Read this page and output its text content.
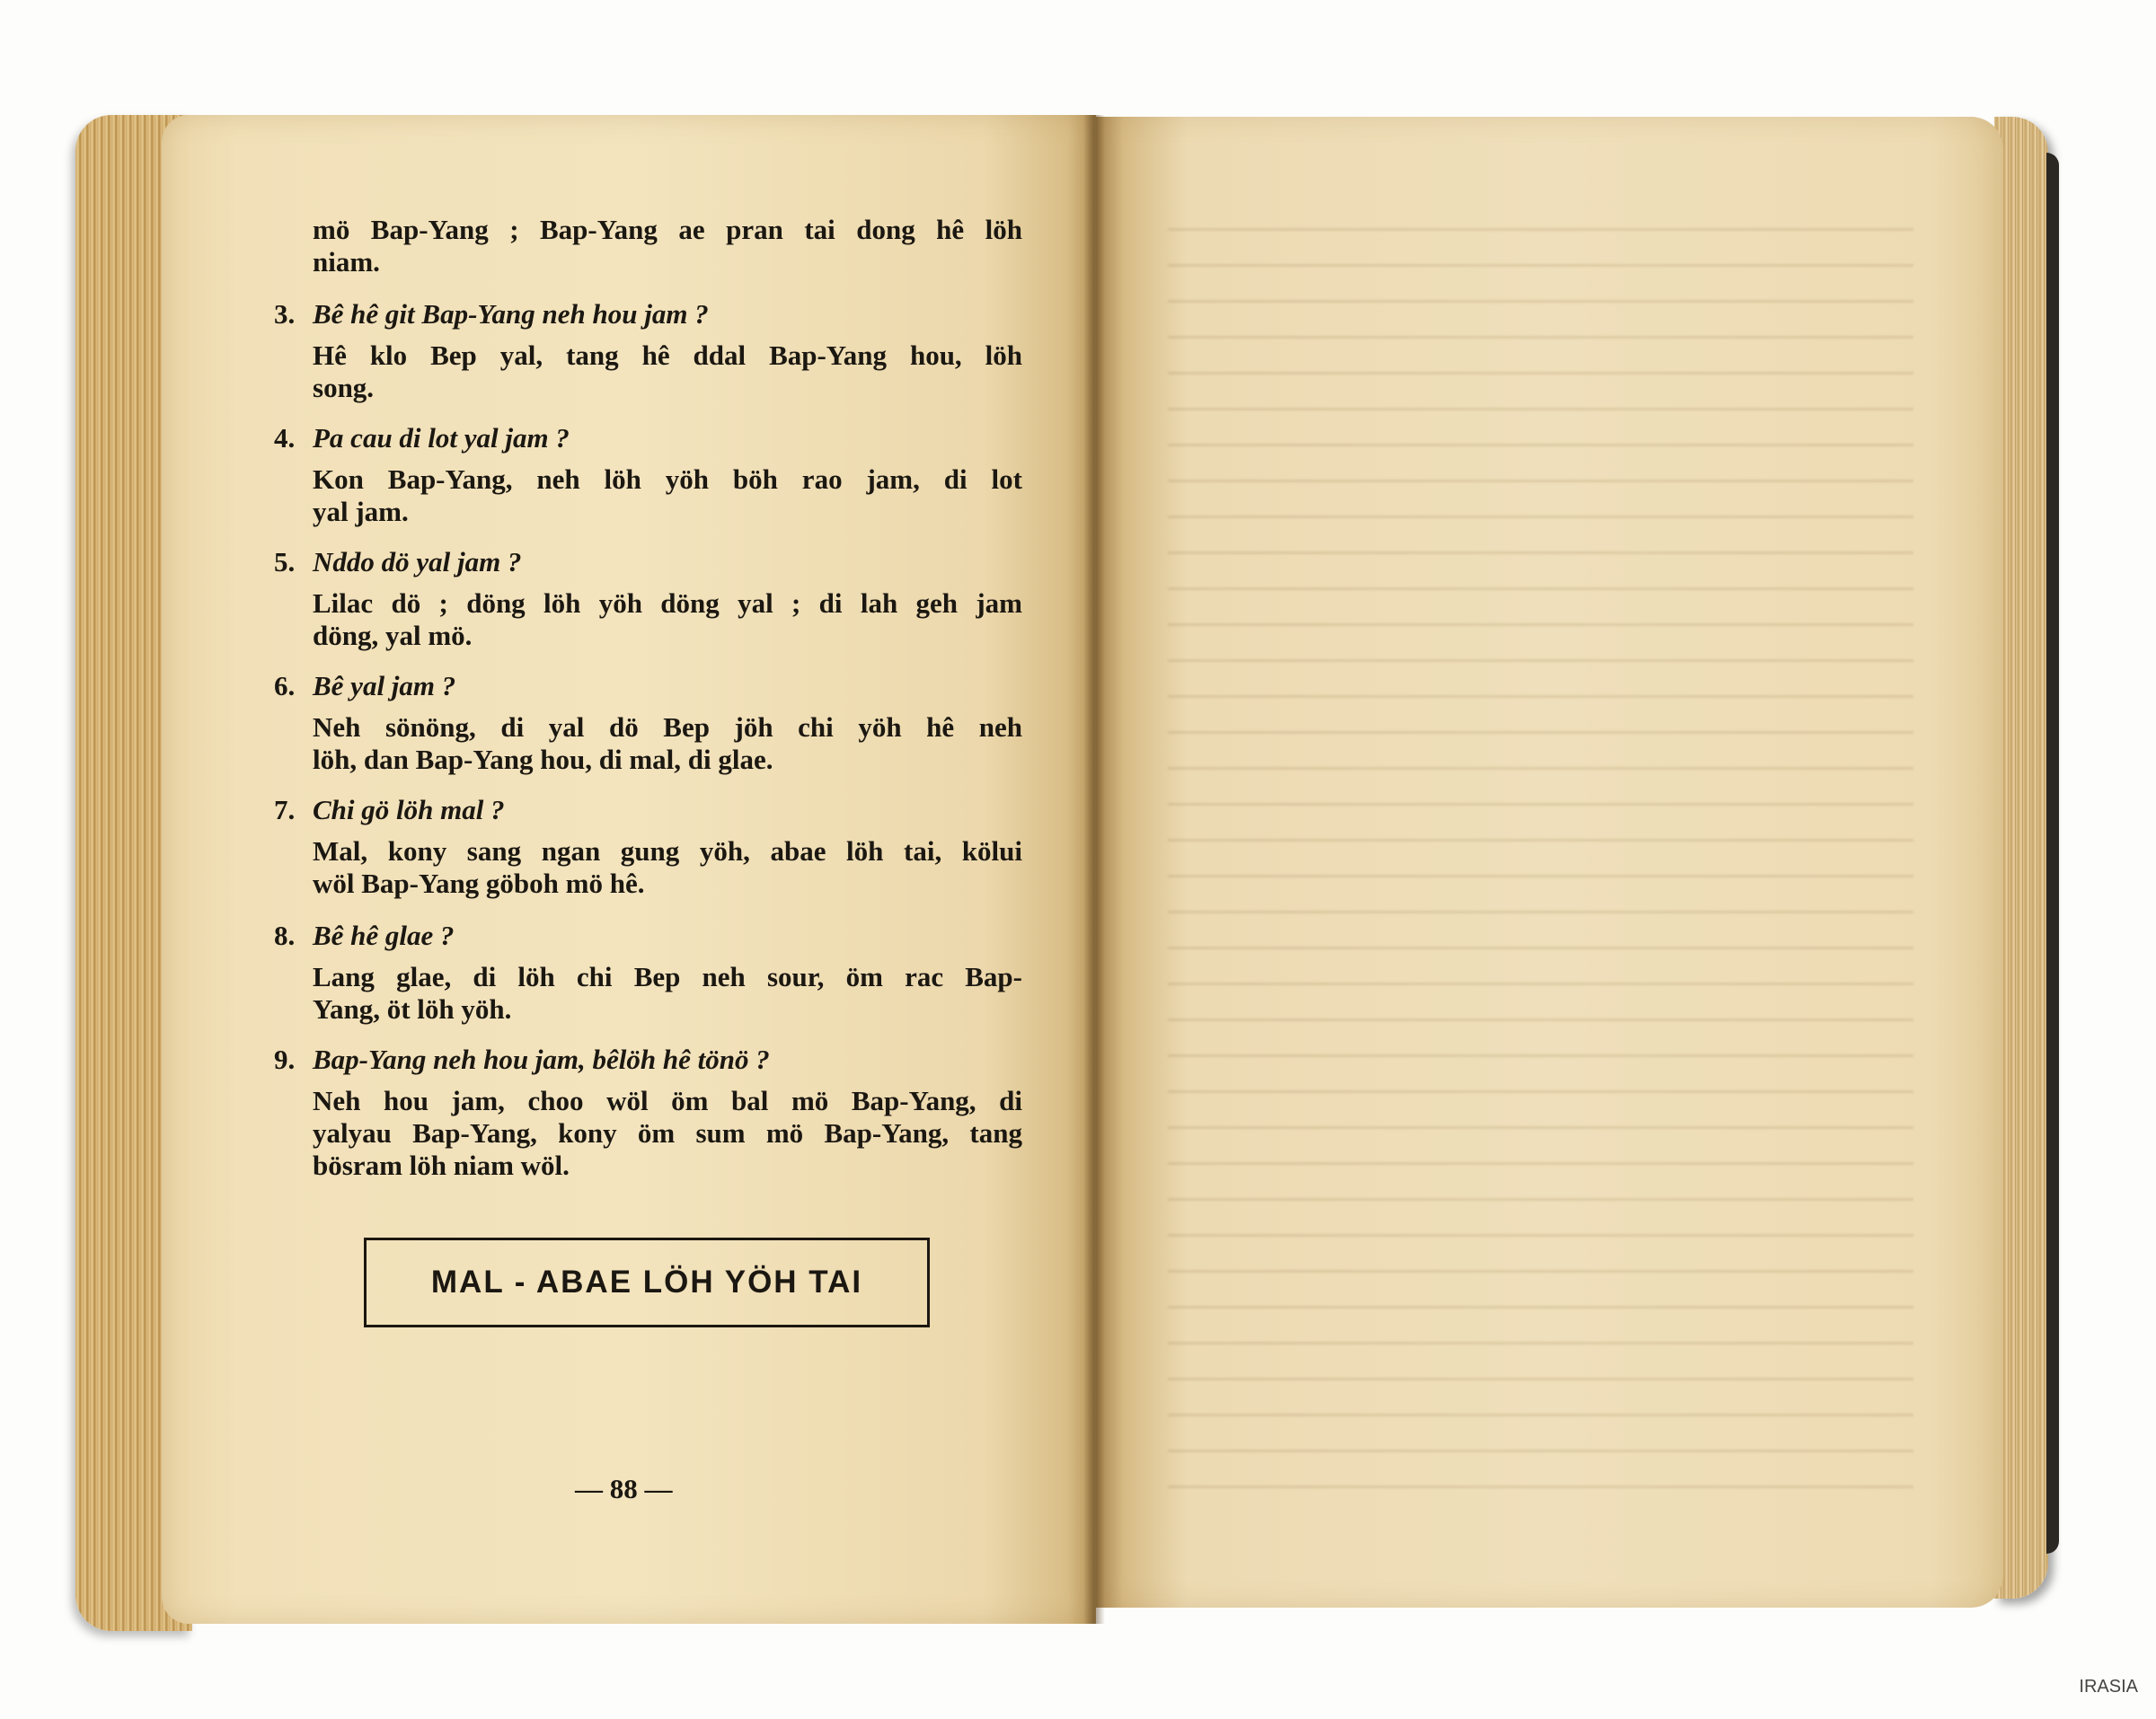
mö Bap-Yang ; Bap-Yang ae pran tai dong hê löh
niam.
3. Bê hê git Bap-Yang neh hou jam ?
Hê klo Bep yal, tang hê ddal Bap-Yang hou, löh
song.
4. Pa cau di lot yal jam ?
Kon Bap-Yang, neh löh yöh böh rao jam, di lot
yal jam.
5. Nddo dö yal jam ?
Lilac dö ; döng löh yöh döng yal ; di lah geh jam
döng, yal mö.
6. Bê yal jam ?
Neh sönöng, di yal dö Bep jöh chi yöh hê neh
löh, dan Bap-Yang hou, di mal, di glae.
7. Chi gö löh mal ?
Mal, kony sang ngan gung yöh, abae löh tai, kölui
wöl Bap-Yang göboh mö hê.
8. Bê hê glae ?
Lang glae, di löh chi Bep neh sour, öm rac Bap-
Yang, öt löh yöh.
9. Bap-Yang neh hou jam, bêlöh hê tönö ?
Neh hou jam, choo wöl öm bal mö Bap-Yang, di
yalyau Bap-Yang, kony öm sum mö Bap-Yang, tang
bösram löh niam wöl.
MAL - ABAE LÖH YÖH TAI
— 88 —
IRASIA
